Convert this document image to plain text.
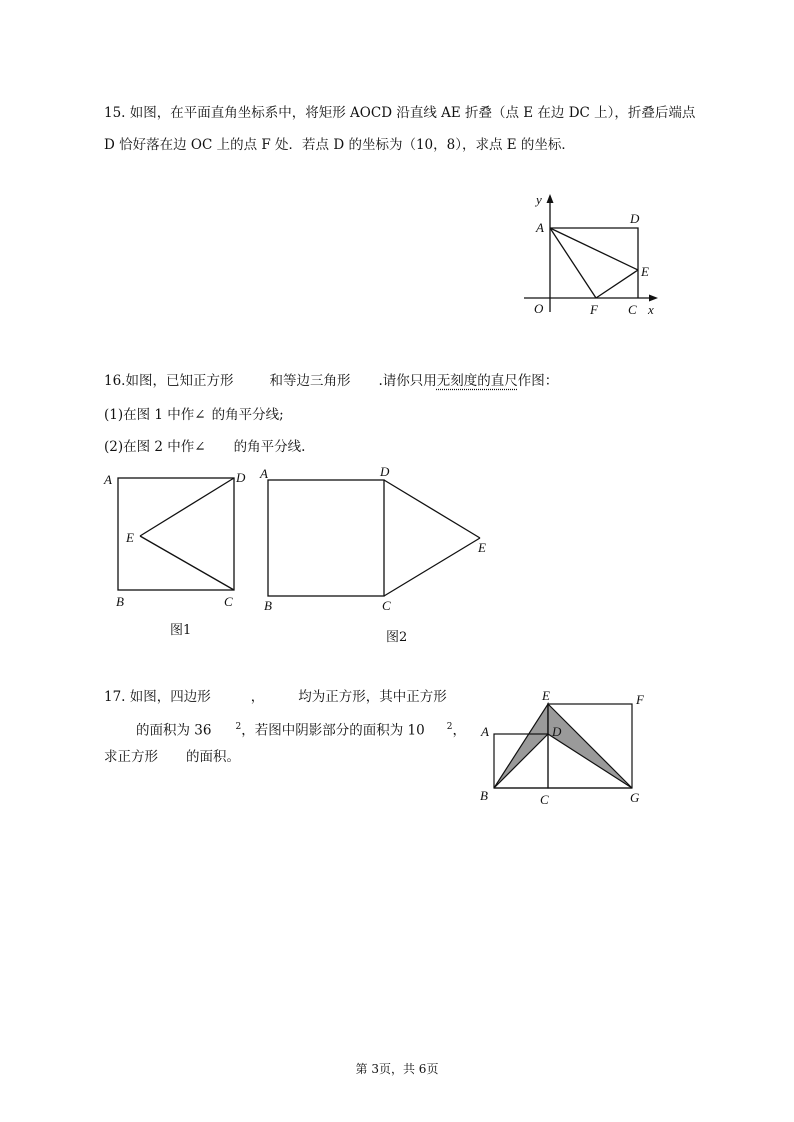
15. 如图，在平面直角坐标系中，将矩形 AOCD 沿直线 AE 折叠（点 E 在边 DC 上），折叠后端点
D 恰好落在边 OC 上的点 F 处．若点 D 的坐标为（10，8），求点 E 的坐标．
y
A
D
E
O	F C x
16.如图，已知正方形	和等边三角形 .请你只用无刻度的直尺作图：
(1)在图 1 中作∠ 的角平分线;
(2)在图 2 中作∠ 的角平分线.
A	D
E
B	C
图1
A	D
E
B	C
图2
17. 如图，四边形	，	均为正方形，其中正方形
的面积为 36	$^2$，若图中阴影部分的面积为 10 $^2$，
求正方形 的面积。
E	F
A	D
B	C	G
第 3页，共 6页
